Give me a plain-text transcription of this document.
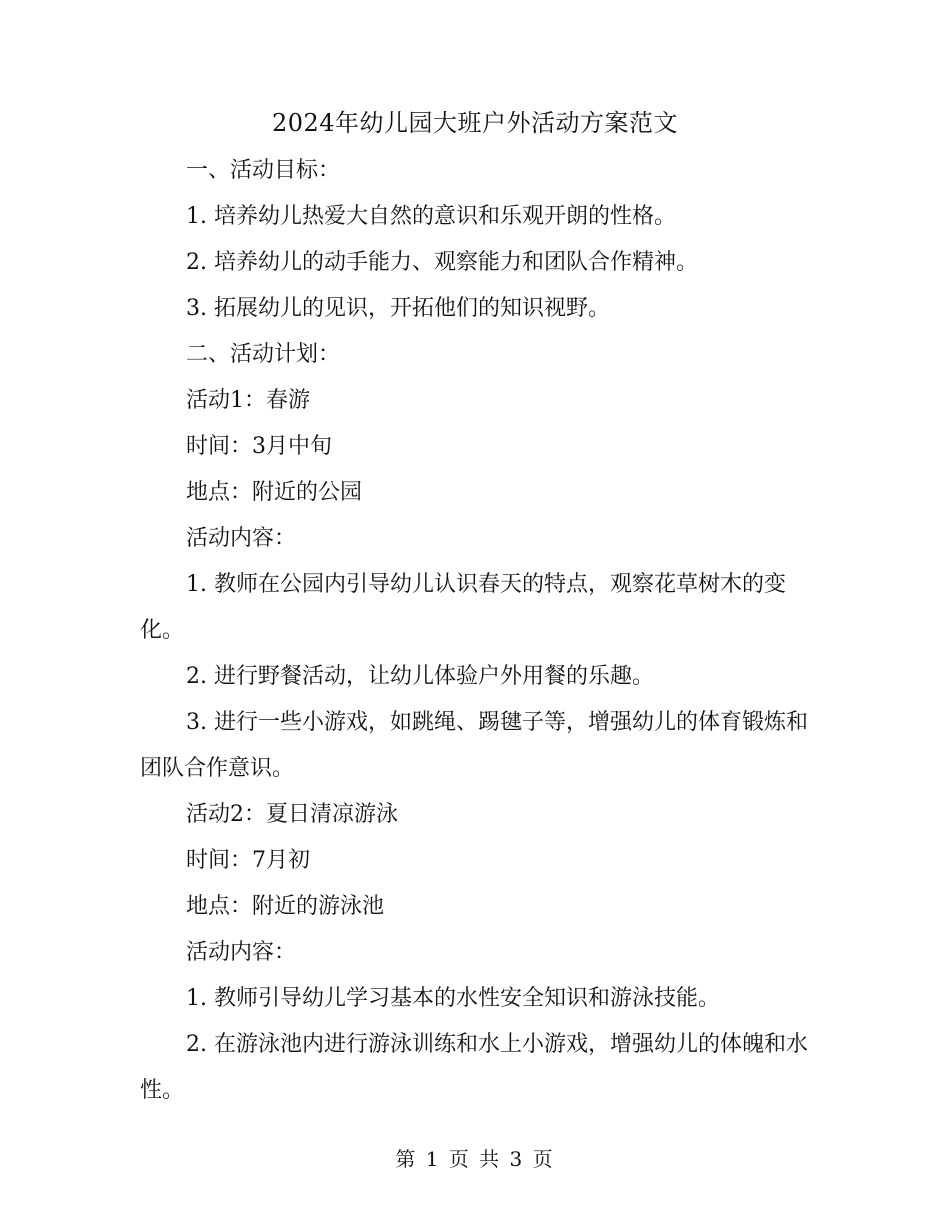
2024年幼儿园大班户外活动方案范文

一、活动目标：

1. 培养幼儿热爱大自然的意识和乐观开朗的性格。

2. 培养幼儿的动手能力、观察能力和团队合作精神。

3. 拓展幼儿的见识，开拓他们的知识视野。

二、活动计划：

活动1：春游

时间：3月中旬

地点：附近的公园

活动内容：

1. 教师在公园内引导幼儿认识春天的特点，观察花草树木的变化。

2. 进行野餐活动，让幼儿体验户外用餐的乐趣。

3. 进行一些小游戏，如跳绳、踢毽子等，增强幼儿的体育锻炼和团队合作意识。

活动2：夏日清凉游泳

时间：7月初

地点：附近的游泳池

活动内容：

1. 教师引导幼儿学习基本的水性安全知识和游泳技能。

2. 在游泳池内进行游泳训练和水上小游戏，增强幼儿的体魄和水性。

第 1 页 共 3 页
